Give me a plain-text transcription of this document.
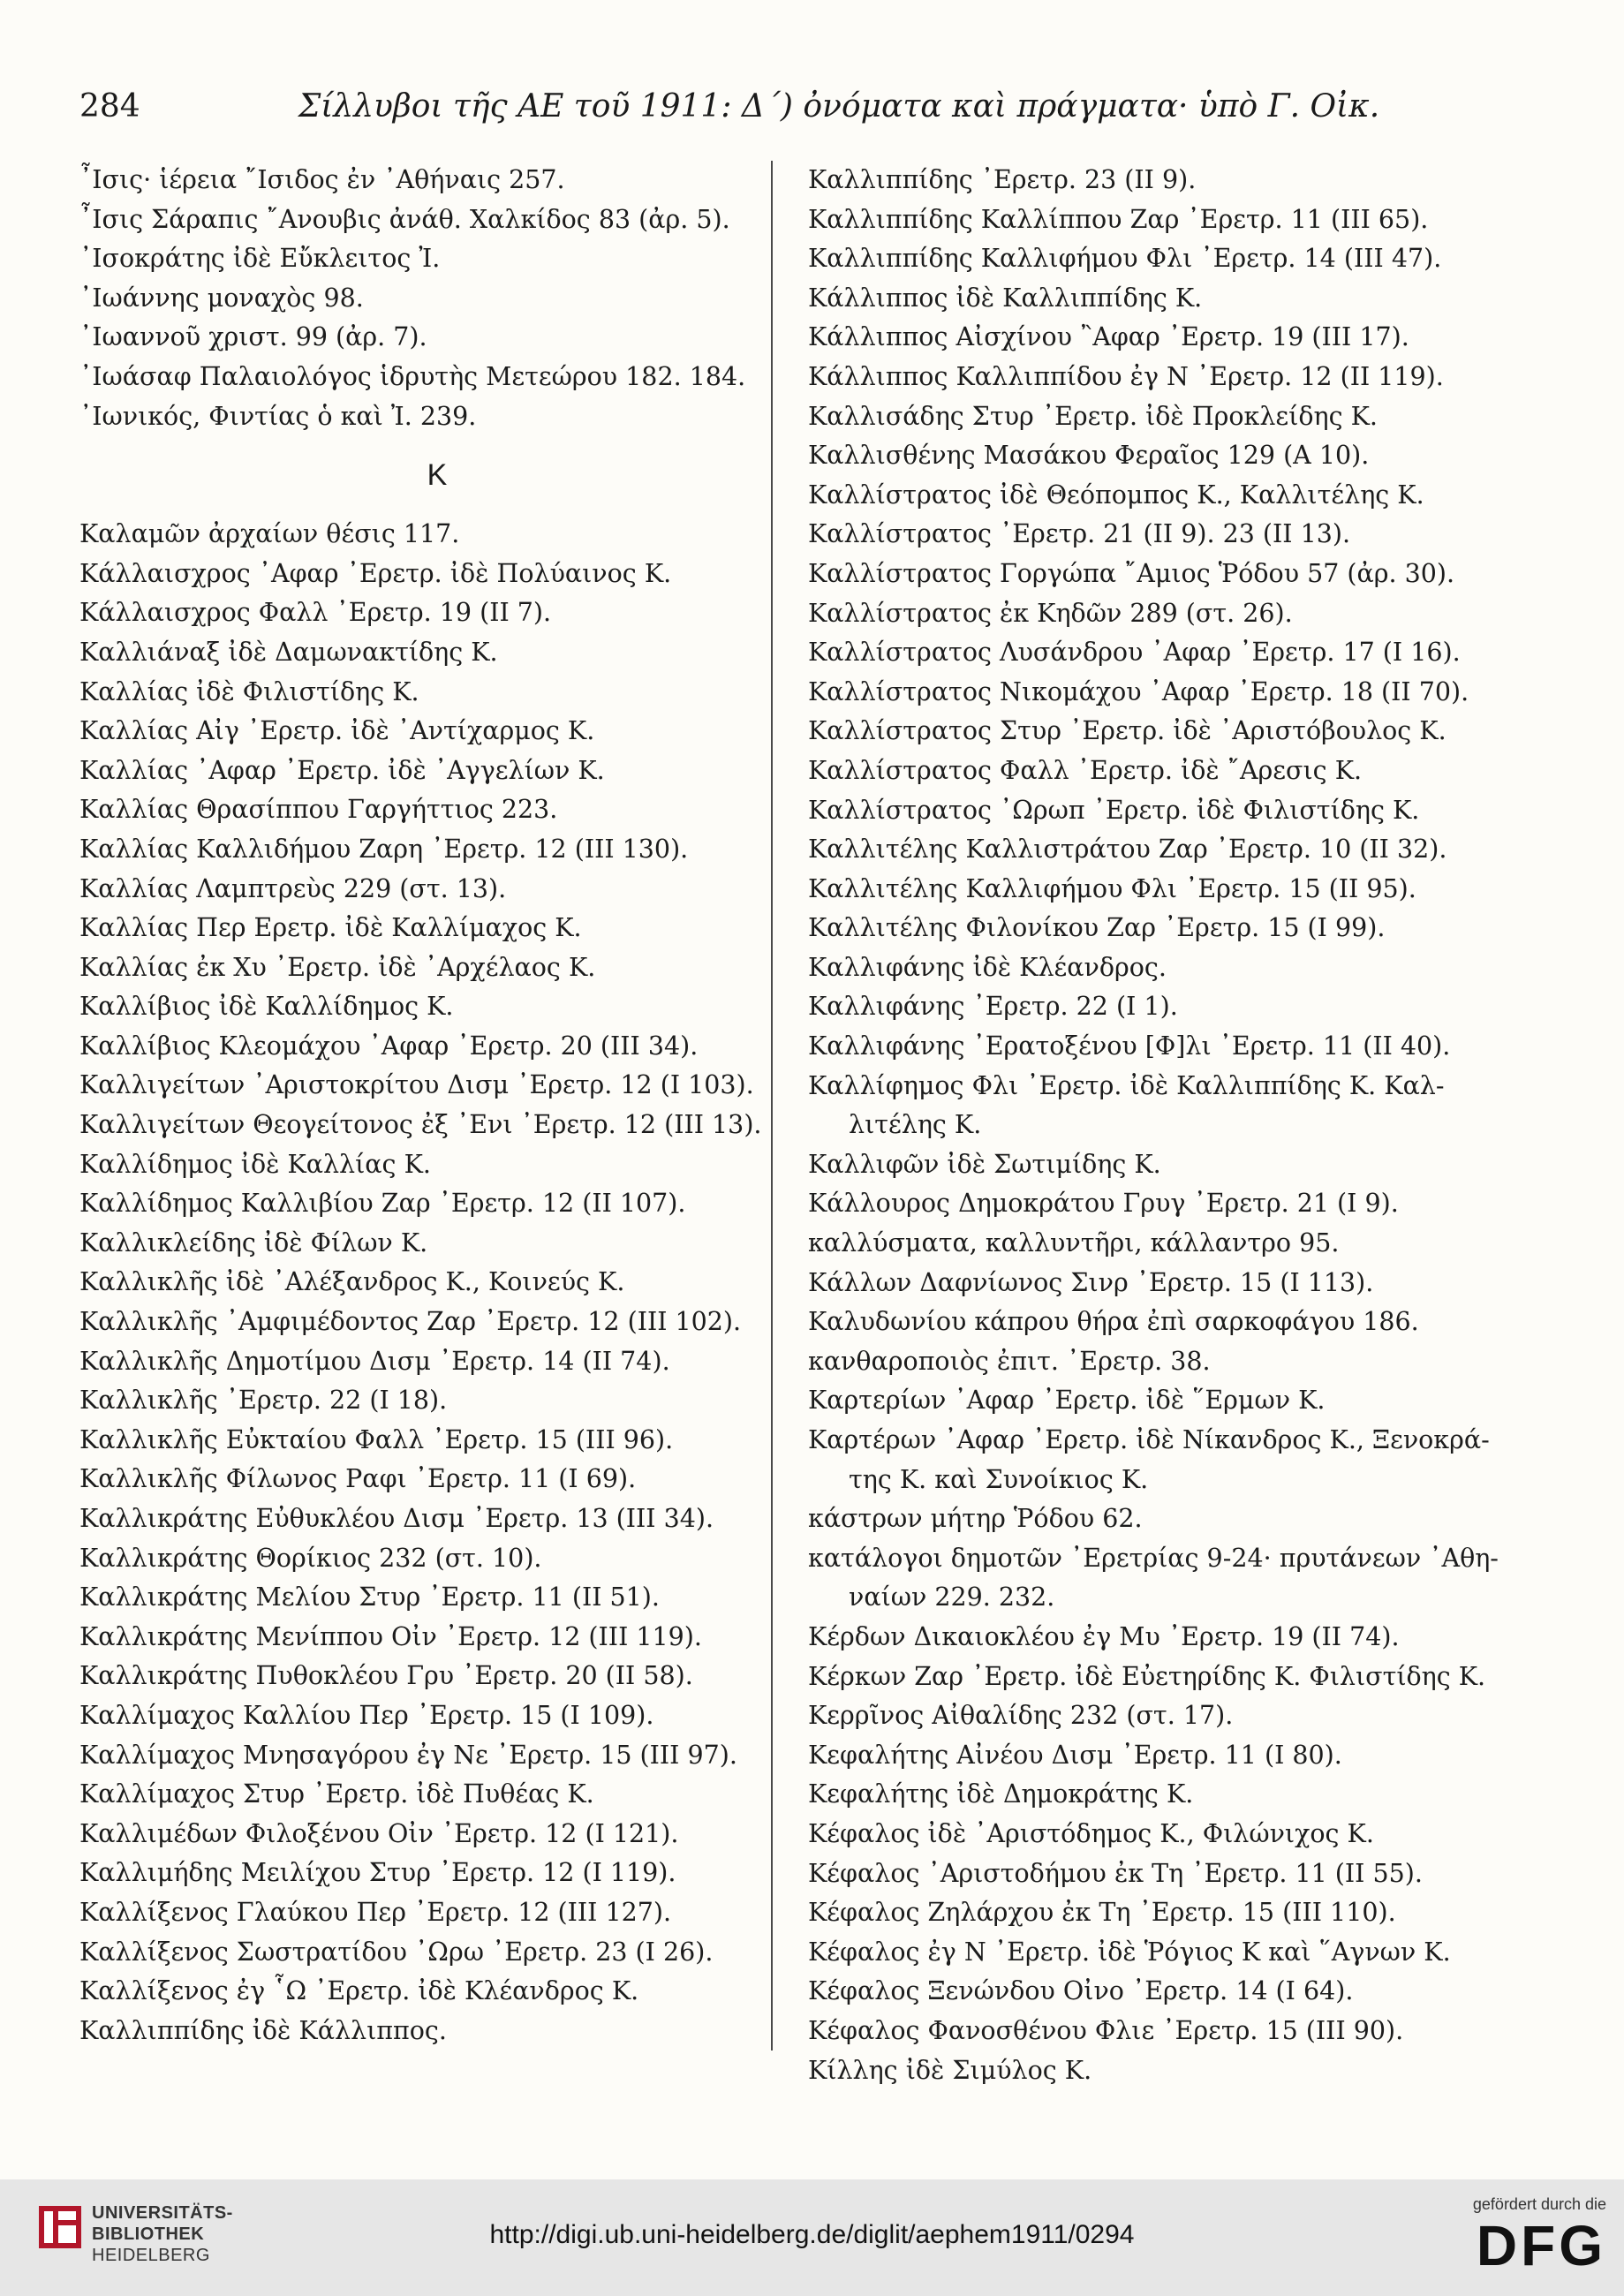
284	Σίλλυβοι τῆς ΑΕ τοῦ 1911: Δ΄) ὀνόματα καὶ πράγματα· ὑπὸ Γ. Οἰκ.
῏Ισις· ἱέρεια ῎Ισιδος ἐν ᾿Αθήναις 257.
῏Ισις Σάραπις ῎Ανουβις ἀνάθ. Χαλκίδος 83 (ἀρ. 5).
᾿Ισοκράτης ἰδὲ Εὔκλειτος Ἰ.
᾿Ιωάννης μοναχὸς 98.
᾿Ιωαννοῦ χριστ. 99 (ἀρ. 7).
᾿Ιωάσαφ Παλαιολόγος ἱδρυτὴς Μετεώρου 182. 184.
᾿Ιωνικός, Φιντίας ὁ καὶ Ἰ. 239.
Κ
Καλαμῶν ἀρχαίων θέσις 117.
Κάλλαισχρος ᾿Αφαρ ᾿Ερετρ. ἰδὲ Πολύαινος Κ.
Κάλλαισχρος Φαλλ ᾿Ερετρ. 19 (II 7).
Καλλιάναξ ἰδὲ Δαμωνακτίδης Κ.
Καλλίας ἰδὲ Φιλιστίδης Κ.
Καλλίας Αἰγ ᾿Ερετρ. ἰδὲ ᾿Αντίχαρμος Κ.
Καλλίας ᾿Αφαρ ᾿Ερετρ. ἰδὲ ᾿Αγγελίων Κ.
Καλλίας Θρασίππου Γαργήττιος 223.
Καλλίας Καλλιδήμου Ζαρη ᾿Ερετρ. 12 (III 130).
Καλλίας Λαμπτρεὺς 229 (στ. 13).
Καλλίας Περ Ερετρ. ἰδὲ Καλλίμαχος Κ.
Καλλίας ἐκ Χυ ᾿Ερετρ. ἰδὲ ᾿Αρχέλαος Κ.
Καλλίβιος ἰδὲ Καλλίδημος Κ.
Καλλίβιος Κλεομάχου ᾿Αφαρ ᾿Ερετρ. 20 (III 34).
Καλλιγείτων ᾿Αριστοκρίτου Δισμ ᾿Ερετρ. 12 (I 103).
Καλλιγείτων Θεογείτονος ἐξ ᾿Ενι ᾿Ερετρ. 12 (III 13).
Καλλίδημος ἰδὲ Καλλίας Κ.
Καλλίδημος Καλλιβίου Ζαρ ᾿Ερετρ. 12 (II 107).
Καλλικλείδης ἰδὲ Φίλων Κ.
Καλλικλῆς ἰδὲ ᾿Αλέξανδρος Κ., Κοινεύς Κ.
Καλλικλῆς ᾿Αμφιμέδοντος Ζαρ ᾿Ερετρ. 12 (III 102).
Καλλικλῆς Δημοτίμου Δισμ ᾿Ερετρ. 14 (II 74).
Καλλικλῆς ᾿Ερετρ. 22 (I 18).
Καλλικλῆς Εὐκταίου Φαλλ ᾿Ερετρ. 15 (III 96).
Καλλικλῆς Φίλωνος Ραφι ᾿Ερετρ. 11 (I 69).
Καλλικράτης Εὐθυκλέου Δισμ ᾿Ερετρ. 13 (III 34).
Καλλικράτης Θορίκιος 232 (στ. 10).
Καλλικράτης Μελίου Στυρ ᾿Ερετρ. 11 (II 51).
Καλλικράτης Μενίππου Οἰν ᾿Ερετρ. 12 (III 119).
Καλλικράτης Πυθοκλέου Γρυ ᾿Ερετρ. 20 (II 58).
Καλλίμαχος Καλλίου Περ ᾿Ερετρ. 15 (I 109).
Καλλίμαχος Μνησαγόρου ἐγ Νε ᾿Ερετρ. 15 (III 97).
Καλλίμαχος Στυρ ᾿Ερετρ. ἰδὲ Πυθέας Κ.
Καλλιμέδων Φιλοξένου Οἰν ᾿Ερετρ. 12 (I 121).
Καλλιμήδης Μειλίχου Στυρ ᾿Ερετρ. 12 (I 119).
Καλλίξενος Γλαύκου Περ ᾿Ερετρ. 12 (III 127).
Καλλίξενος Σωστρατίδου ᾿Ωρω ᾿Ερετρ. 23 (I 26).
Καλλίξενος ἐγ ῟Ω ᾿Ερετρ. ἰδὲ Κλέανδρος Κ.
Καλλιππίδης ἰδὲ Κάλλιππος.
Καλλιππίδης ᾿Ερετρ. 23 (II 9).
Καλλιππίδης Καλλίππου Ζαρ ᾿Ερετρ. 11 (III 65).
Καλλιππίδης Καλλιφήμου Φλι ᾿Ερετρ. 14 (III 47).
Κάλλιππος ἰδὲ Καλλιππίδης Κ.
Κάλλιππος Αἰσχίνου ῍Αφαρ ᾿Ερετρ. 19 (III 17).
Κάλλιππος Καλλιππίδου ἐγ Ν ᾿Ερετρ. 12 (II 119).
Καλλισάδης Στυρ ᾿Ερετρ. ἰδὲ Προκλείδης Κ.
Καλλισθένης Μασάκου Φεραῖος 129 (Α 10).
Καλλίστρατος ἰδὲ Θεόπομπος Κ., Καλλιτέλης Κ.
Καλλίστρατος ᾿Ερετρ. 21 (II 9). 23 (II 13).
Καλλίστρατος Γοργώπα ῎Αμιος Ῥόδου 57 (ἀρ. 30).
Καλλίστρατος ἐκ Κηδῶν 289 (στ. 26).
Καλλίστρατος Λυσάνδρου ᾿Αφαρ ᾿Ερετρ. 17 (I 16).
Καλλίστρατος Νικομάχου ᾿Αφαρ ᾿Ερετρ. 18 (II 70).
Καλλίστρατος Στυρ ᾿Ερετρ. ἰδὲ ᾿Αριστόβουλος Κ.
Καλλίστρατος Φαλλ ᾿Ερετρ. ἰδὲ ῎Αρεσις Κ.
Καλλίστρατος ᾿Ωρωπ ᾿Ερετρ. ἰδὲ Φιλιστίδης Κ.
Καλλιτέλης Καλλιστράτου Ζαρ ᾿Ερετρ. 10 (II 32).
Καλλιτέλης Καλλιφήμου Φλι ᾿Ερετρ. 15 (II 95).
Καλλιτέλης Φιλονίκου Ζαρ ᾿Ερετρ. 15 (I 99).
Καλλιφάνης ἰδὲ Κλέανδρος.
Καλλιφάνης ᾿Ερετρ. 22 (I 1).
Καλλιφάνης ᾿Ερατοξένου [Φ]λι ᾿Ερετρ. 11 (II 40).
Καλλίφημος Φλι ᾿Ερετρ. ἰδὲ Καλλιππίδης Κ. Καλ-
λιτέλης Κ.
Καλλιφῶν ἰδὲ Σωτιμίδης Κ.
Κάλλουρος Δημοκράτου Γρυγ ᾿Ερετρ. 21 (I 9).
καλλύσματα, καλλυντῆρι, κάλλαντρο 95.
Κάλλων Δαφνίωνος Σινρ ᾿Ερετρ. 15 (I 113).
Καλυδωνίου κάπρου θήρα ἐπὶ σαρκοφάγου 186.
κανθαροποιὸς ἐπιτ. ᾿Ερετρ. 38.
Καρτερίων ᾿Αφαρ ᾿Ερετρ. ἰδὲ ῞Ερμων Κ.
Καρτέρων ᾿Αφαρ ᾿Ερετρ. ἰδὲ Νίκανδρος Κ., Ξενοκρά-
της Κ. καὶ Συνοίκιος Κ.
κάστρων μήτηρ Ῥόδου 62.
κατάλογοι δημοτῶν ᾿Ερετρίας 9-24· πρυτάνεων ᾿Αθη-
ναίων 229. 232.
Κέρδων Δικαιοκλέου ἐγ Μυ ᾿Ερετρ. 19 (II 74).
Κέρκων Ζαρ ᾿Ερετρ. ἰδὲ Εὐετηρίδης Κ. Φιλιστίδης Κ.
Κερρῖνος Αἰθαλίδης 232 (στ. 17).
Κεφαλήτης Αἰνέου Δισμ ᾿Ερετρ. 11 (I 80).
Κεφαλήτης ἰδὲ Δημοκράτης Κ.
Κέφαλος ἰδὲ ᾿Αριστόδημος Κ., Φιλώνιχος Κ.
Κέφαλος ᾿Αριστοδήμου ἐκ Τη ᾿Ερετρ. 11 (II 55).
Κέφαλος Ζηλάρχου ἐκ Τη ᾿Ερετρ. 15 (III 110).
Κέφαλος ἐγ Ν ᾿Ερετρ. ἰδὲ Ῥόγιος Κ καὶ ῞Αγνων Κ.
Κέφαλος Ξενώνδου Οἰνο ᾿Ερετρ. 14 (I 64).
Κέφαλος Φανοσθένου Φλιε ᾿Ερετρ. 15 (III 90).
Κίλλης ἰδὲ Σιμύλος Κ.
UNIVERSITÄTS-
BIBLIOTHEK
HEIDELBERG
http://digi.ub.uni-heidelberg.de/diglit/aephem1911/0294
gefördert durch die
DFG
